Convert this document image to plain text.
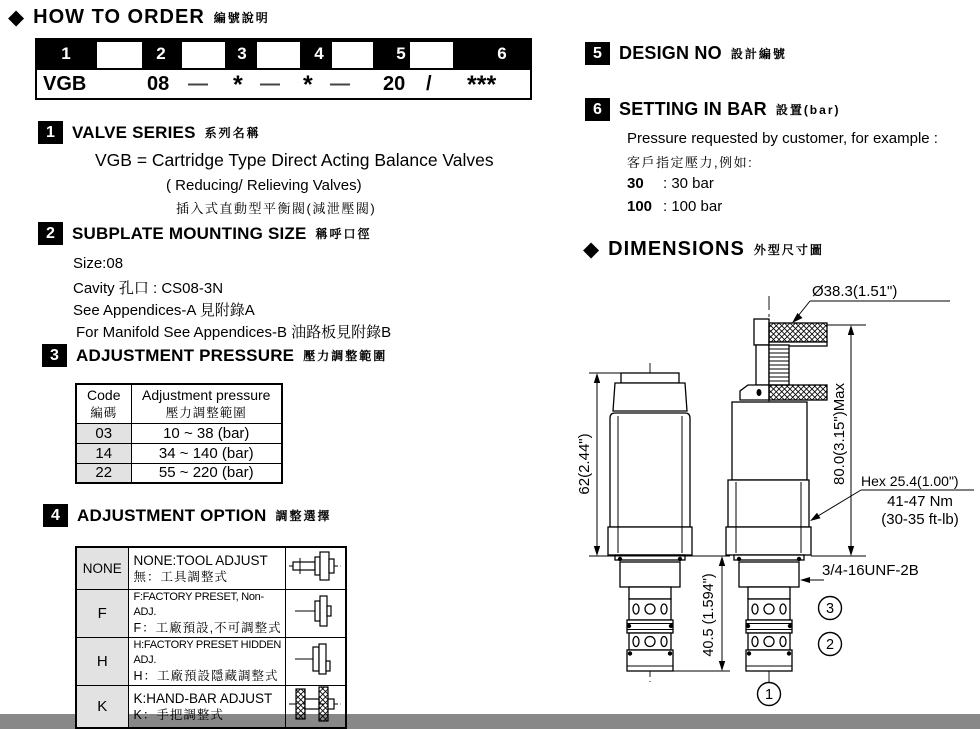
◆ HOW TO ORDER 編號說明
1	2	3	4	5	6
VGB	08 — * — * — 20 / ***
1	VALVE SERIES 系列名稱
VGB = Cartridge Type Direct Acting Balance Valves
( Reducing/ Relieving Valves)
插入式直動型平衡閥(減泄壓閥)
2	SUBPLATE MOUNTING SIZE 稱呼口徑
Size:08
Cavity 孔口 : CS08-3N
See Appendices-A 見附錄A
For Manifold See Appendices-B 油路板見附錄B
3	ADJUSTMENT PRESSURE 壓力調整範圍
Code
編碼	Adjustment pressure
壓力調整範圍

03	10 ~ 38 (bar)
14	34 ~ 140 (bar)
22	55 ~ 220 (bar)
4	ADJUSTMENT OPTION 調整選擇
NONE	NONE:TOOL ADJUST
無：工具調整式

F	F:FACTORY PRESET, Non- ADJ.
F：工廠預設,不可調整式

H	H:FACTORY PRESET HIDDEN ADJ.
H：工廠預設隱藏調整式

K	K:HAND-BAR ADJUST
K：手把調整式

5 DESIGN NO 設計編號
6 SETTING IN BAR 設置(bar)
Pressure requested by customer, for example :
客戶指定壓力,例如:
30 : 30 bar
100 : 100 bar
◆ DIMENSIONS 外型尺寸圖
62(2.44")	80.0(3.15")Max
40.5 (1.594")
Ø38.3(1.51")
Hex 25.4(1.00")
41-47 Nm
(30-35 ft-lb)
3/4-16UNF-2B
3
2
1
